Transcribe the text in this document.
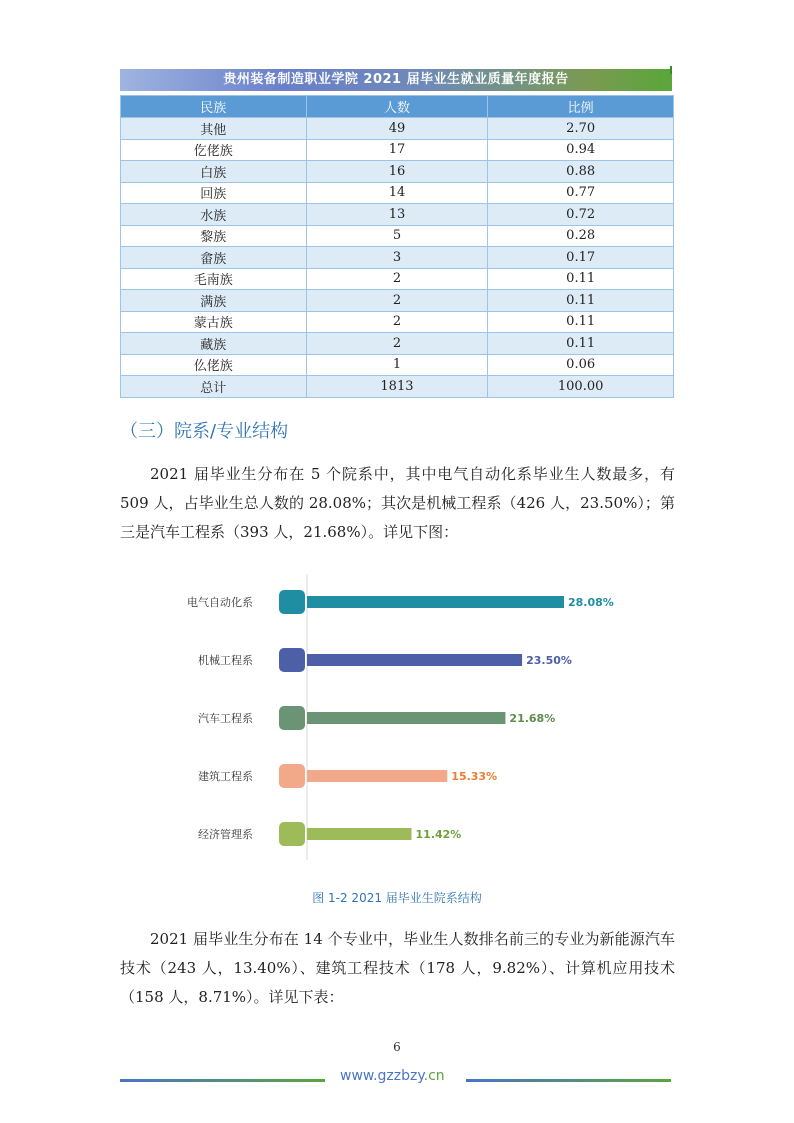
贵州装备制造职业学院 2021 届毕业生就业质量年度报告
民族	人数	比例
其他	49	2.70
仡佬族	17	0.94
白族	16	0.88
回族	14	0.77
水族	13	0.72
黎族	5	0.28
畲族	3	0.17
毛南族	2	0.11
满族	2	0.11
蒙古族	2	0.11
藏族	2	0.11
仫佬族	1	0.06
总计	1813	100.00
（三）院系/专业结构
2021 届毕业生分布在 5 个院系中，其中电气自动化系毕业生人数最多，有 509 人，占毕业生总人数的 28.08%；其次是机械工程系（426 人，23.50%）；第三是汽车工程系（393 人，21.68%）。详见下图：
电气自动化系	28.08%
机械工程系	23.50%
汽车工程系	21.68%
建筑工程系	15.33%
经济管理系	11.42%
图 1-2 2021 届毕业生院系结构
2021 届毕业生分布在 14 个专业中，毕业生人数排名前三的专业为新能源汽车技术（243 人，13.40%）、建筑工程技术（178 人，9.82%）、计算机应用技术（158 人，8.71%）。详见下表：
6
www.gzzbzy.cn
